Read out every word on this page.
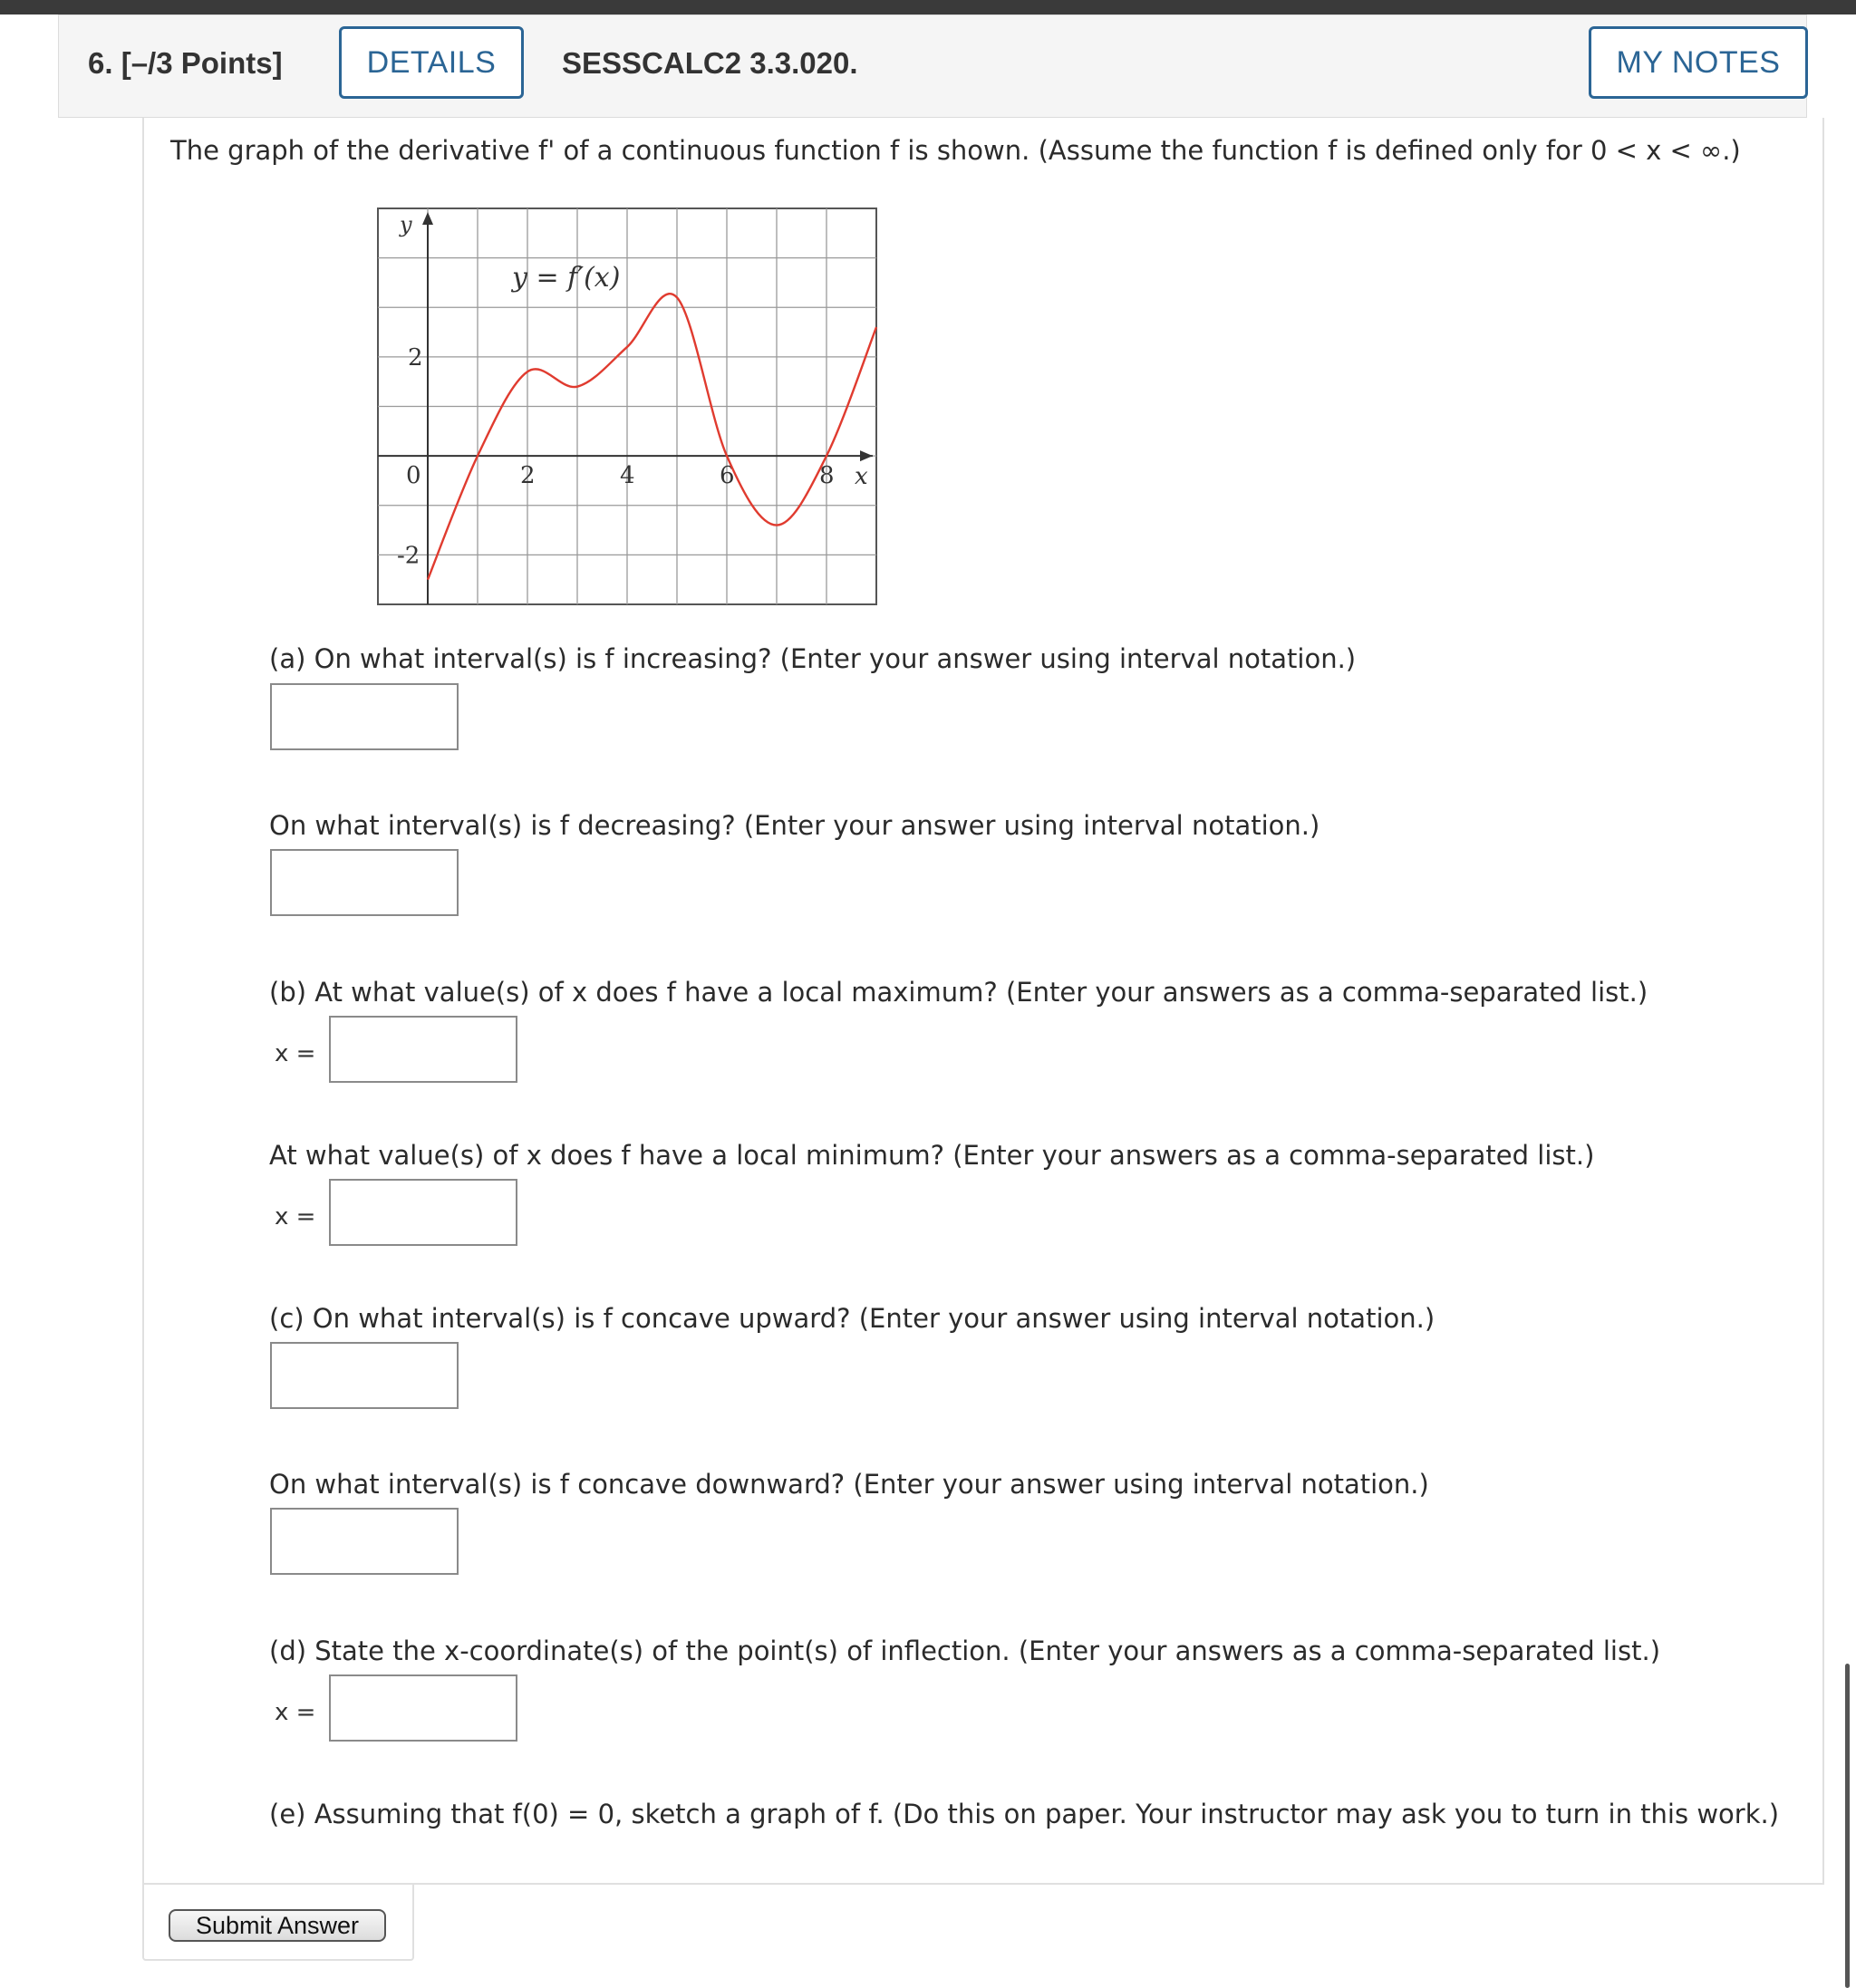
6. [–/3 Points]	DETAILS	SESSCALC2 3.3.020.	MY NOTES
The graph of the derivative f' of a continuous function f is shown. (Assume the function f is defined only for 0 < x < ∞.)
0	2	4	6	8
2
-2
y = f′(x)
y
x
(a) On what interval(s) is f increasing? (Enter your answer using interval notation.)
On what interval(s) is f decreasing? (Enter your answer using interval notation.)
(b) At what value(s) of x does f have a local maximum? (Enter your answers as a comma-separated list.)
x =
At what value(s) of x does f have a local minimum? (Enter your answers as a comma-separated list.)
x =
(c) On what interval(s) is f concave upward? (Enter your answer using interval notation.)
On what interval(s) is f concave downward? (Enter your answer using interval notation.)
(d) State the x-coordinate(s) of the point(s) of inflection. (Enter your answers as a comma-separated list.)
x =
(e) Assuming that f(0) = 0, sketch a graph of f. (Do this on paper. Your instructor may ask you to turn in this work.)
Submit Answer
